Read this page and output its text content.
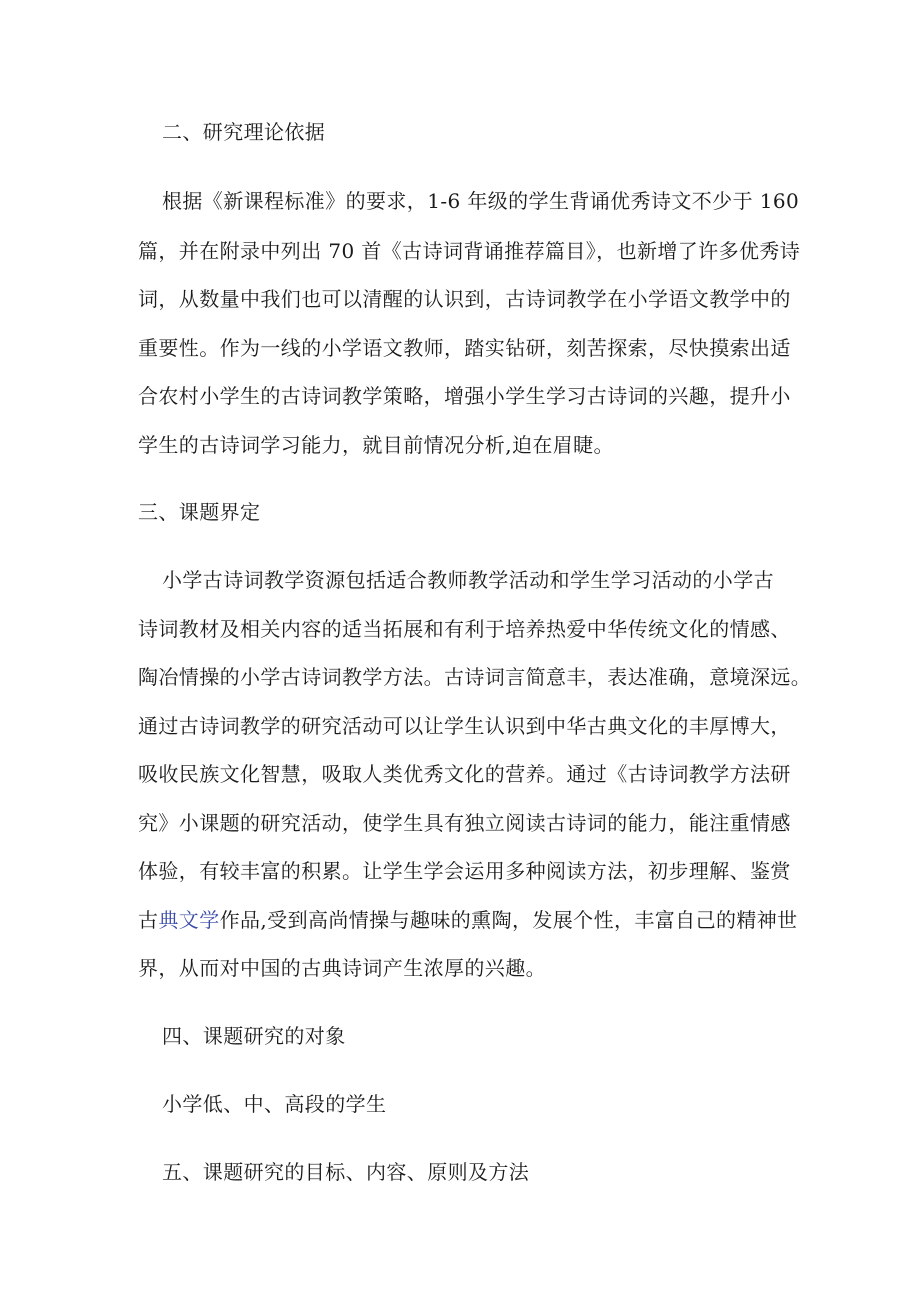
二、研究理论依据
根据《新课程标准》的要求，1-6 年级的学生背诵优秀诗文不少于 160
篇，并在附录中列出 70 首《古诗词背诵推荐篇目》，也新增了许多优秀诗
词，从数量中我们也可以清醒的认识到，古诗词教学在小学语文教学中的
重要性。作为一线的小学语文教师，踏实钻研，刻苦探索，尽快摸索出适
合农村小学生的古诗词教学策略，增强小学生学习古诗词的兴趣，提升小
学生的古诗词学习能力，就目前情况分析,迫在眉睫。
三、课题界定
小学古诗词教学资源包括适合教师教学活动和学生学习活动的小学古
诗词教材及相关内容的适当拓展和有利于培养热爱中华传统文化的情感、
陶冶情操的小学古诗词教学方法。古诗词言简意丰，表达准确，意境深远。
通过古诗词教学的研究活动可以让学生认识到中华古典文化的丰厚博大，
吸收民族文化智慧，吸取人类优秀文化的营养。通过《古诗词教学方法研
究》小课题的研究活动，使学生具有独立阅读古诗词的能力，能注重情感
体验，有较丰富的积累。让学生学会运用多种阅读方法，初步理解、鉴赏
古典文学作品,受到高尚情操与趣味的熏陶，发展个性，丰富自己的精神世
界，从而对中国的古典诗词产生浓厚的兴趣。
四、课题研究的对象
小学低、中、高段的学生
五、课题研究的目标、内容、原则及方法
